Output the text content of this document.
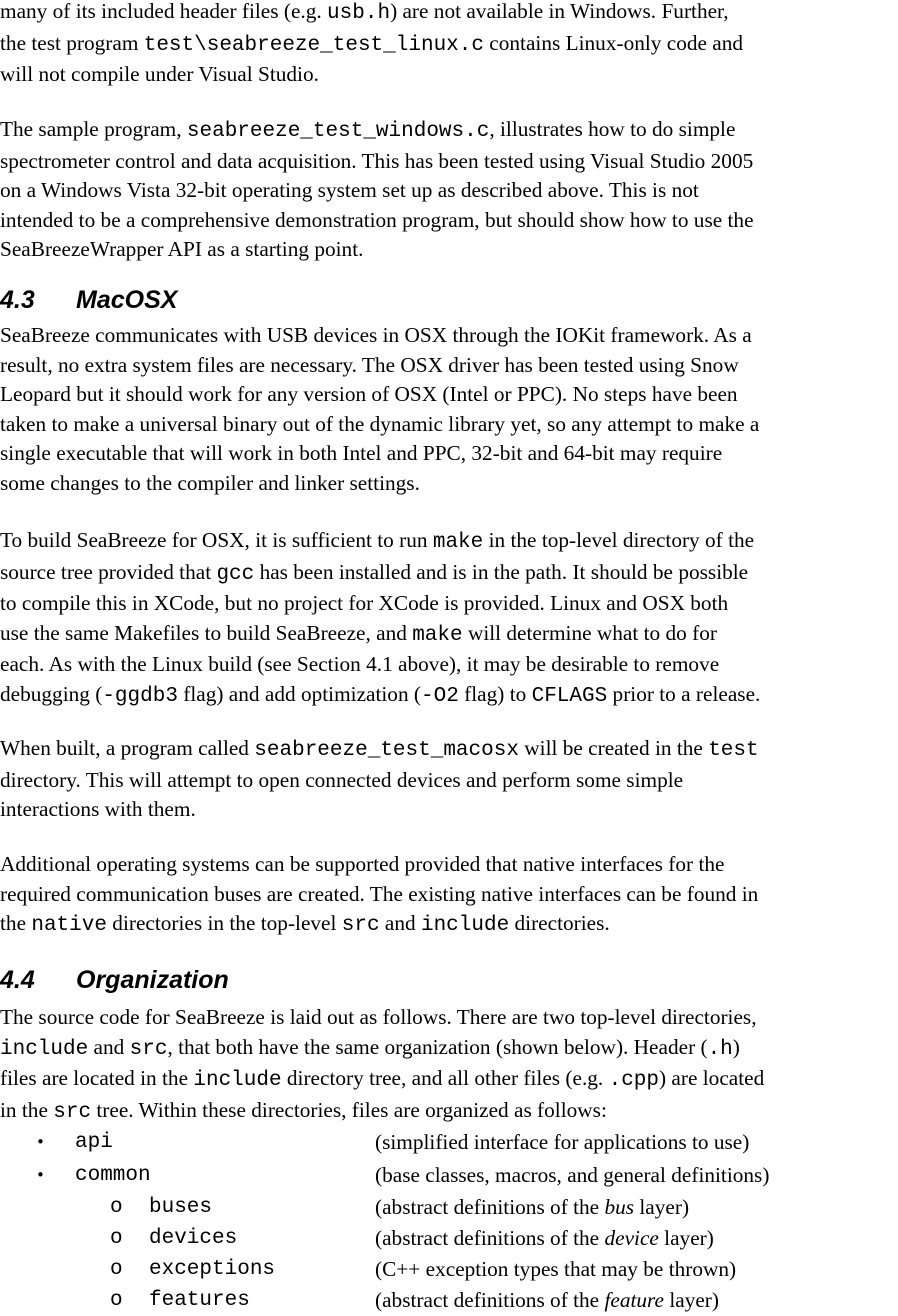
many of its included header files (e.g. usb.h) are not available in Windows. Further,
the test program test\seabreeze_test_linux.c contains Linux-only code and
will not compile under Visual Studio.

The sample program, seabreeze_test_windows.c, illustrates how to do simple
spectrometer control and data acquisition. This has been tested using Visual Studio 2005
on a Windows Vista 32-bit operating system set up as described above. This is not
intended to be a comprehensive demonstration program, but should show how to use the
SeaBreezeWrapper API as a starting point.

4.3 MacOSX

SeaBreeze communicates with USB devices in OSX through the IOKit framework. As a
result, no extra system files are necessary. The OSX driver has been tested using Snow
Leopard but it should work for any version of OSX (Intel or PPC). No steps have been
taken to make a universal binary out of the dynamic library yet, so any attempt to make a
single executable that will work in both Intel and PPC, 32-bit and 64-bit may require
some changes to the compiler and linker settings.

To build SeaBreeze for OSX, it is sufficient to run make in the top-level directory of the
source tree provided that gcc has been installed and is in the path. It should be possible
to compile this in XCode, but no project for XCode is provided. Linux and OSX both
use the same Makefiles to build SeaBreeze, and make will determine what to do for
each. As with the Linux build (see Section 4.1 above), it may be desirable to remove
debugging (-ggdb3 flag) and add optimization (-O2 flag) to CFLAGS prior to a release.

When built, a program called seabreeze_test_macosx will be created in the test
directory. This will attempt to open connected devices and perform some simple
interactions with them.

Additional operating systems can be supported provided that native interfaces for the
required communication buses are created. The existing native interfaces can be found in
the native directories in the top-level src and include directories.

4.4 Organization

The source code for SeaBreeze is laid out as follows. There are two top-level directories,
include and src, that both have the same organization (shown below). Header (.h)
files are located in the include directory tree, and all other files (e.g. .cpp) are located
in the src tree. Within these directories, files are organized as follows:

• api	(simplified interface for applications to use)
• common	(base classes, macros, and general definitions)
o buses	(abstract definitions of the bus layer)
o devices	(abstract definitions of the device layer)
o exceptions	(C++ exception types that may be thrown)
o features	(abstract definitions of the feature layer)
